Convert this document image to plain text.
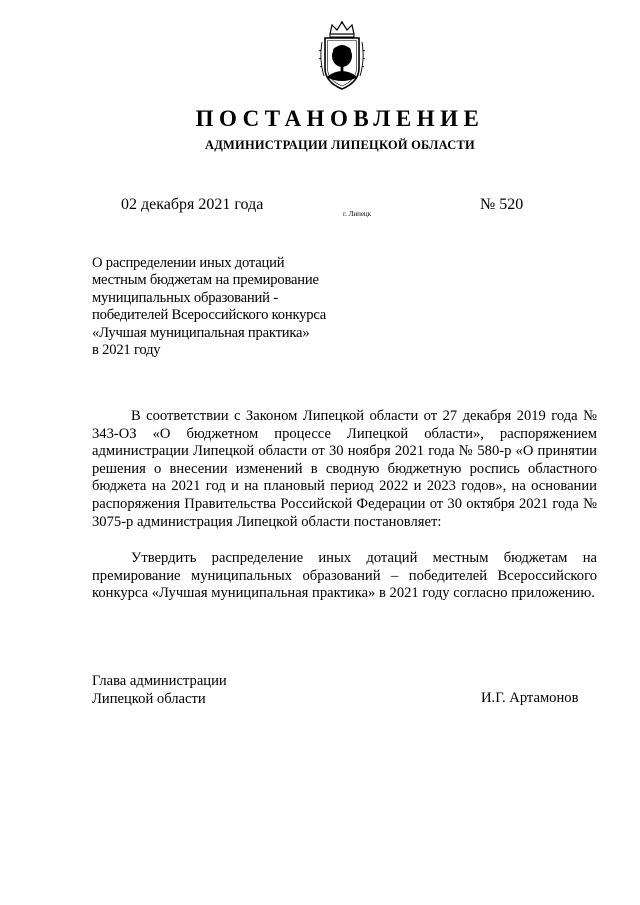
ПОСТАНОВЛЕНИЕ
АДМИНИСТРАЦИИ ЛИПЕЦКОЙ ОБЛАСТИ
02 декабря 2021 года
г. Липецк
№ 520
О распределении иных дотаций
местным бюджетам на премирование
муниципальных образований -
победителей Всероссийского конкурса
«Лучшая муниципальная практика»
в 2021 году

В соответствии с Законом Липецкой области от 27 декабря 2019 года № 343-ОЗ «О бюджетном процессе Липецкой области», распоряжением администрации Липецкой области от 30 ноября 2021 года № 580-р «О принятии решения о внесении изменений в сводную бюджетную роспись областного бюджета на 2021 год и на плановый период 2022 и 2023 годов», на основании распоряжения Правительства Российской Федерации от 30 октября 2021 года № 3075-р администрация Липецкой области постановляет:

Утвердить распределение иных дотаций местным бюджетам на премирование муниципальных образований – победителей Всероссийского конкурса «Лучшая муниципальная практика» в 2021 году согласно приложению.

Глава администрации
Липецкой области	И.Г. Артамонов
